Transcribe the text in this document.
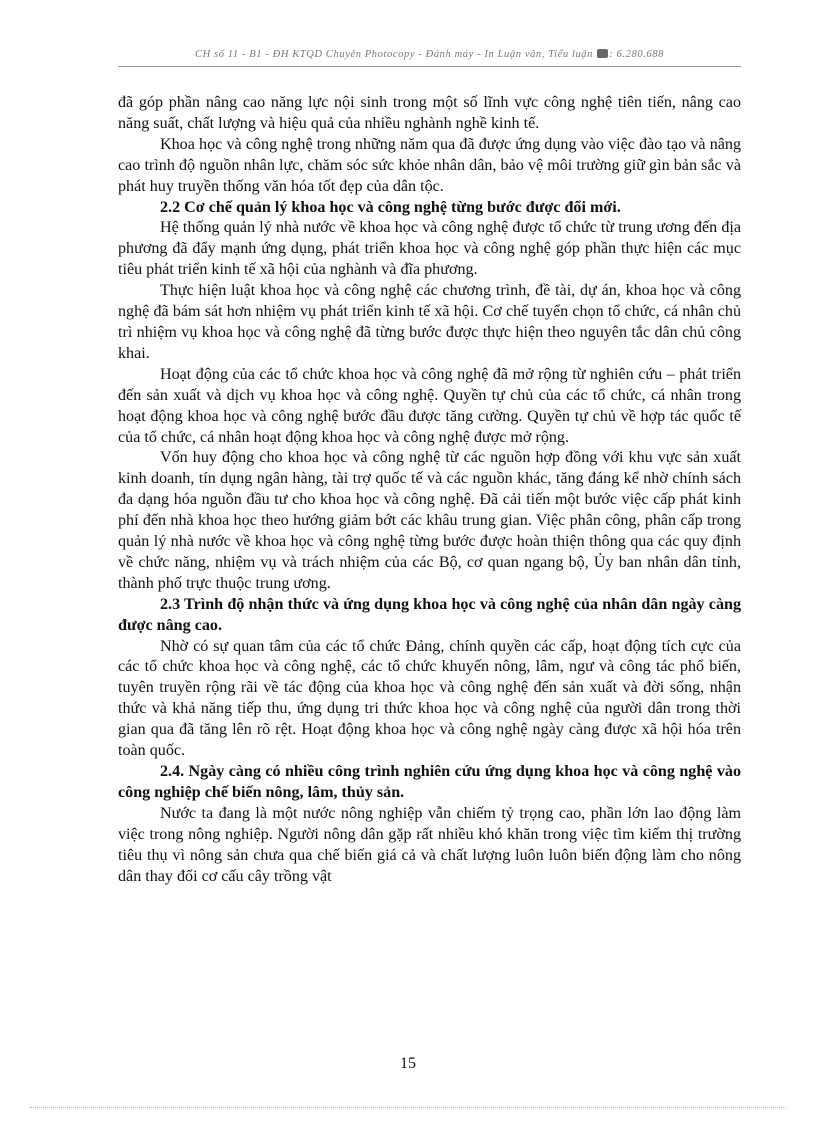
CH số 11 - B1 - ĐH KTQD Chuyên Photocopy - Đánh máy - In Luận văn, Tiểu luận : 6.280.688

đã góp phần nâng cao năng lực nội sinh trong một số lĩnh vực công nghệ tiên tiến, nâng cao năng suất, chất lượng và hiệu quả của nhiều nghành nghề kinh tế.

Khoa học và công nghệ trong những năm qua đã được ứng dụng vào việc đào tạo và nâng cao trình độ nguồn nhân lực, chăm sóc sức khỏe nhân dân, bảo vệ môi trường giữ gìn bản sắc và phát huy truyền thống văn hóa tốt đẹp của dân tộc.

2.2 Cơ chế quản lý khoa học và công nghệ từng bước được đổi mới.

Hệ thống quản lý nhà nước về khoa học và công nghệ được tổ chức từ trung ương đến địa phương đã đẩy mạnh ứng dụng, phát triển khoa học và công nghệ góp phần thực hiện các mục tiêu phát triển kinh tế xã hội của nghành và đĩa phương.

Thực hiện luật khoa học và công nghệ các chương trình, đề tài, dự án, khoa học và công nghệ đã bám sát hơn nhiệm vụ phát triển kinh tế xã hội. Cơ chế tuyển chọn tổ chức, cá nhân chủ trì nhiệm vụ khoa học và công nghệ đã từng bước được thực hiện theo nguyên tắc dân chủ công khai.

Hoạt động của các tổ chức khoa học và công nghệ đã mở rộng từ nghiên cứu – phát triển đến sản xuất và dịch vụ khoa học và công nghệ. Quyền tự chủ của các tổ chức, cá nhân trong hoạt động khoa học và công nghệ bước đầu được tăng cường. Quyền tự chủ về hợp tác quốc tế của tổ chức, cá nhân hoạt động khoa học và công nghệ được mở rộng.

Vốn huy động cho khoa học và công nghệ từ các nguồn hợp đồng với khu vực sản xuất kinh doanh, tín dụng ngân hàng, tài trợ quốc tế và các nguồn khác, tăng đáng kể nhờ chính sách đa dạng hóa nguồn đầu tư cho khoa học và công nghệ. Đã cải tiến một bước việc cấp phát kinh phí đến nhà khoa học theo hướng giảm bớt các khâu trung gian. Việc phân công, phân cấp trong quản lý nhà nước về khoa học và công nghệ từng bước được hoàn thiện thông qua các quy định về chức năng, nhiệm vụ và trách nhiệm của các Bộ, cơ quan ngang bộ, Ủy ban nhân dân tỉnh, thành phố trực thuộc trung ương.

2.3 Trình độ nhận thức và ứng dụng khoa học và công nghệ của nhân dân ngày càng được nâng cao.

Nhờ có sự quan tâm của các tổ chức Đảng, chính quyền các cấp, hoạt động tích cực của các tổ chức khoa học và công nghệ, các tổ chức khuyến nông, lâm, ngư và công tác phổ biến, tuyên truyền rộng rãi về tác động của khoa học và công nghệ đến sản xuất và đời sống, nhận thức và khả năng tiếp thu, ứng dụng tri thức khoa học và công nghệ của người dân trong thời gian qua đã tăng lên rõ rệt. Hoạt động khoa học và công nghệ ngày càng được xã hội hóa trên toàn quốc.

2.4. Ngày càng có nhiều công trình nghiên cứu ứng dụng khoa học và công nghệ vào công nghiệp chế biến nông, lâm, thủy sản.

Nước ta đang là một nước nông nghiệp vẫn chiếm tỷ trọng cao, phần lớn lao động làm việc trong nông nghiệp. Người nông dân gặp rất nhiều khó khăn trong việc tìm kiếm thị trường tiêu thụ vì nông sản chưa qua chế biến giá cả và chất lượng luôn luôn biến động làm cho nông dân thay đổi cơ cấu cây trồng vật

15
